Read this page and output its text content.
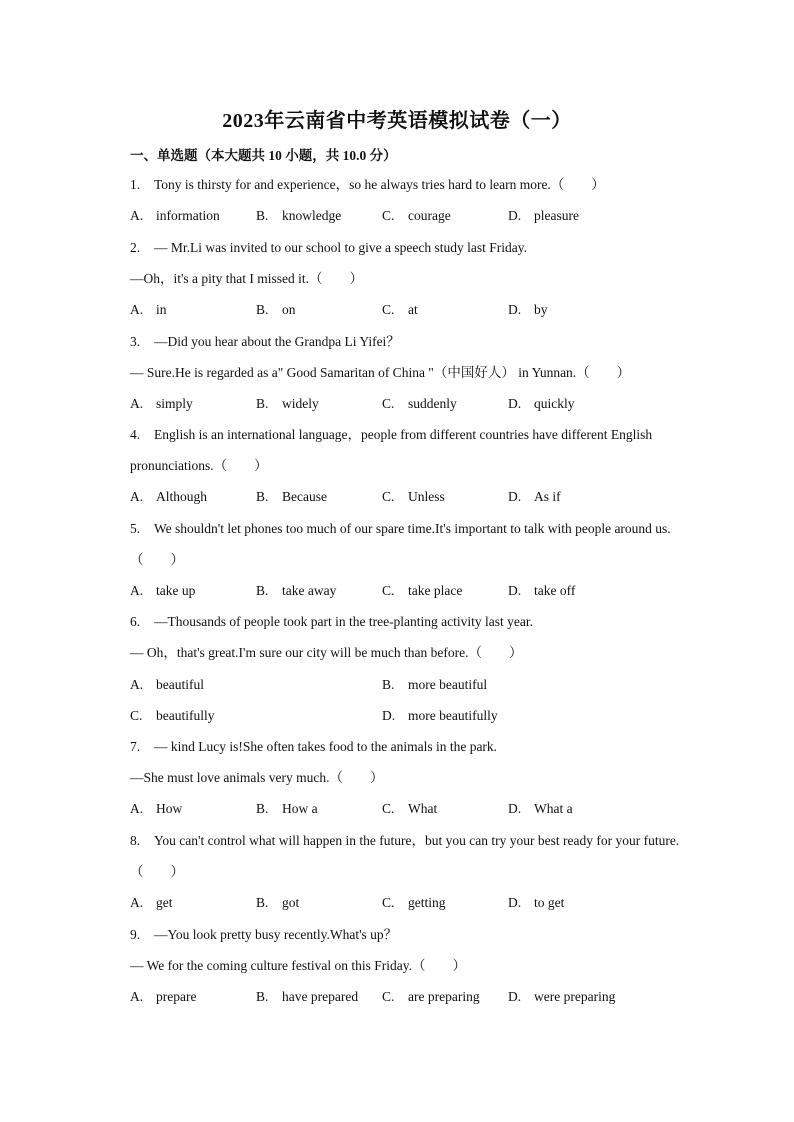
2023年云南省中考英语模拟试卷（一）
一、单选题（本大题共 10 小题，共 10.0 分）
1. Tony is thirsty for and experience，so he always tries hard to learn more.（　　）
A. information	B. knowledge	C. courage	D. pleasure
2. — Mr.Li was invited to our school to give a speech study last Friday.
—Oh，it's a pity that I missed it.（　　）
A. in	B. on	C. at	D. by
3. —Did you hear about the Grandpa Li Yifei？
— Sure.He is regarded as a" Good Samaritan of China "（中国好人） in Yunnan.（　　）
A. simply	B. widely	C. suddenly	D. quickly
4. English is an international language，people from different countries have different English
pronunciations.（　　）
A. Although	B. Because	C. Unless	D. As if
5. We shouldn't let phones too much of our spare time.It's important to talk with people around us.
（　　）
A. take up	B. take away	C. take place	D. take off
6. —Thousands of people took part in the tree-planting activity last year.
— Oh，that's great.I'm sure our city will be much than before.（　　）
A. beautiful	B. more beautiful
C. beautifully	D. more beautifully
7. — kind Lucy is!She often takes food to the animals in the park.
—She must love animals very much.（　　）
A. How	B. How a	C. What	D. What a
8. You can't control what will happen in the future，but you can try your best ready for your future.
（　　）
A. get	B. got	C. getting	D. to get
9. —You look pretty busy recently.What's up？
— We for the coming culture festival on this Friday.（　　）
A. prepare	B. have prepared C. are preparing D. were preparing
